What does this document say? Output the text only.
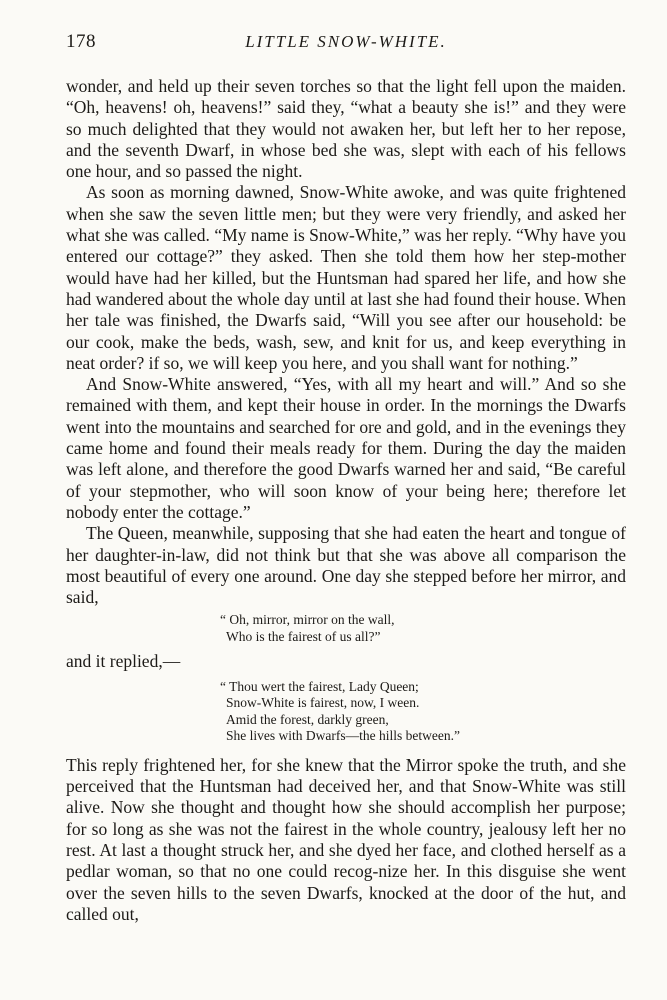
178	LITTLE SNOW-WHITE.

wonder, and held up their seven torches so that the light fell upon the maiden. “Oh, heavens! oh, heavens!” said they, “what a beauty she is!” and they were so much delighted that they would not awaken her, but left her to her repose, and the seventh Dwarf, in whose bed she was, slept with each of his fellows one hour, and so passed the night.

As soon as morning dawned, Snow-White awoke, and was quite frightened when she saw the seven little men; but they were very friendly, and asked her what she was called. “My name is Snow-White,” was her reply. “Why have you entered our cottage?” they asked. Then she told them how her step-mother would have had her killed, but the Huntsman had spared her life, and how she had wandered about the whole day until at last she had found their house. When her tale was finished, the Dwarfs said, “Will you see after our household: be our cook, make the beds, wash, sew, and knit for us, and keep everything in neat order? if so, we will keep you here, and you shall want for nothing.”

And Snow-White answered, “Yes, with all my heart and will.” And so she remained with them, and kept their house in order. In the mornings the Dwarfs went into the mountains and searched for ore and gold, and in the evenings they came home and found their meals ready for them. During the day the maiden was left alone, and therefore the good Dwarfs warned her and said, “Be careful of your stepmother, who will soon know of your being here; therefore let nobody enter the cottage.”

The Queen, meanwhile, supposing that she had eaten the heart and tongue of her daughter-in-law, did not think but that she was above all comparison the most beautiful of every one around. One day she stepped before her mirror, and said,

“ Oh, mirror, mirror on the wall,
Who is the fairest of us all?”

and it replied,—

“ Thou wert the fairest, Lady Queen;
Snow-White is fairest, now, I ween.
Amid the forest, darkly green,
She lives with Dwarfs—the hills between.”

This reply frightened her, for she knew that the Mirror spoke the truth, and she perceived that the Huntsman had deceived her, and that Snow-White was still alive. Now she thought and thought how she should accomplish her purpose; for so long as she was not the fairest in the whole country, jealousy left her no rest. At last a thought struck her, and she dyed her face, and clothed herself as a pedlar woman, so that no one could recog-nize her. In this disguise she went over the seven hills to the seven Dwarfs, knocked at the door of the hut, and called out,
